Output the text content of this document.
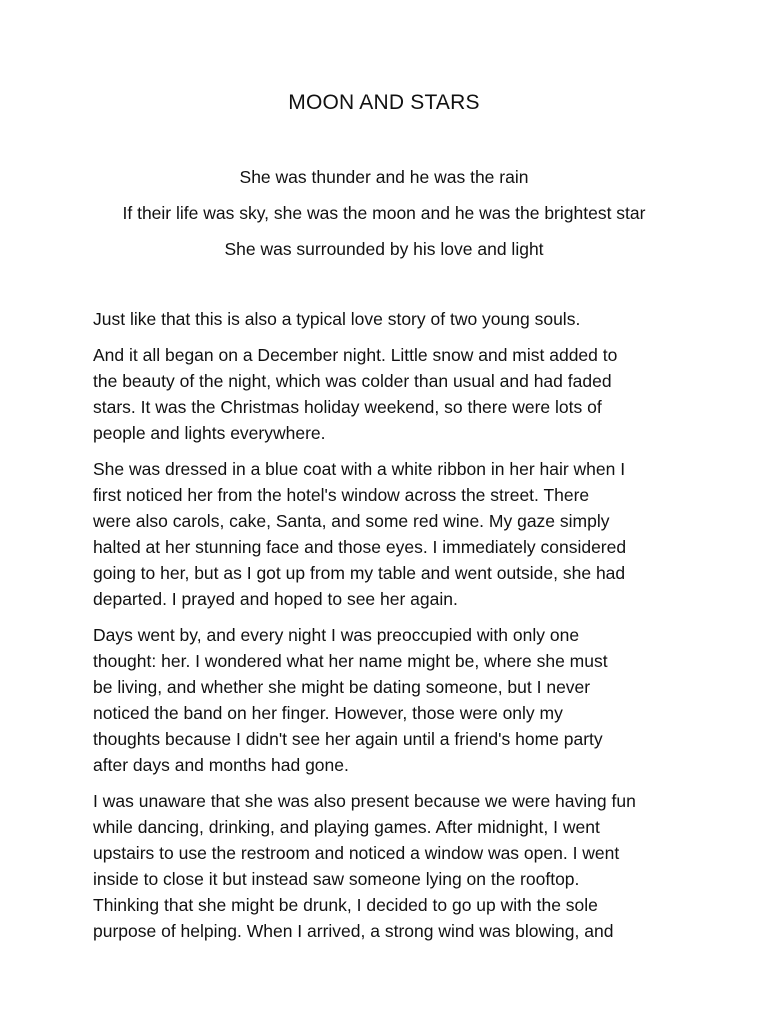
MOON AND STARS

She was thunder and he was the rain

If their life was sky, she was the moon and he was the brightest star

She was surrounded by his love and light

Just like that this is also a typical love story of two young souls.

And it all began on a December night. Little snow and mist added to
the beauty of the night, which was colder than usual and had faded
stars. It was the Christmas holiday weekend, so there were lots of
people and lights everywhere.

She was dressed in a blue coat with a white ribbon in her hair when I
first noticed her from the hotel's window across the street. There
were also carols, cake, Santa, and some red wine. My gaze simply
halted at her stunning face and those eyes. I immediately considered
going to her, but as I got up from my table and went outside, she had
departed. I prayed and hoped to see her again.

Days went by, and every night I was preoccupied with only one
thought: her. I wondered what her name might be, where she must
be living, and whether she might be dating someone, but I never
noticed the band on her finger. However, those were only my
thoughts because I didn't see her again until a friend's home party
after days and months had gone.

I was unaware that she was also present because we were having fun
while dancing, drinking, and playing games. After midnight, I went
upstairs to use the restroom and noticed a window was open. I went
inside to close it but instead saw someone lying on the rooftop.
Thinking that she might be drunk, I decided to go up with the sole
purpose of helping. When I arrived, a strong wind was blowing, and
